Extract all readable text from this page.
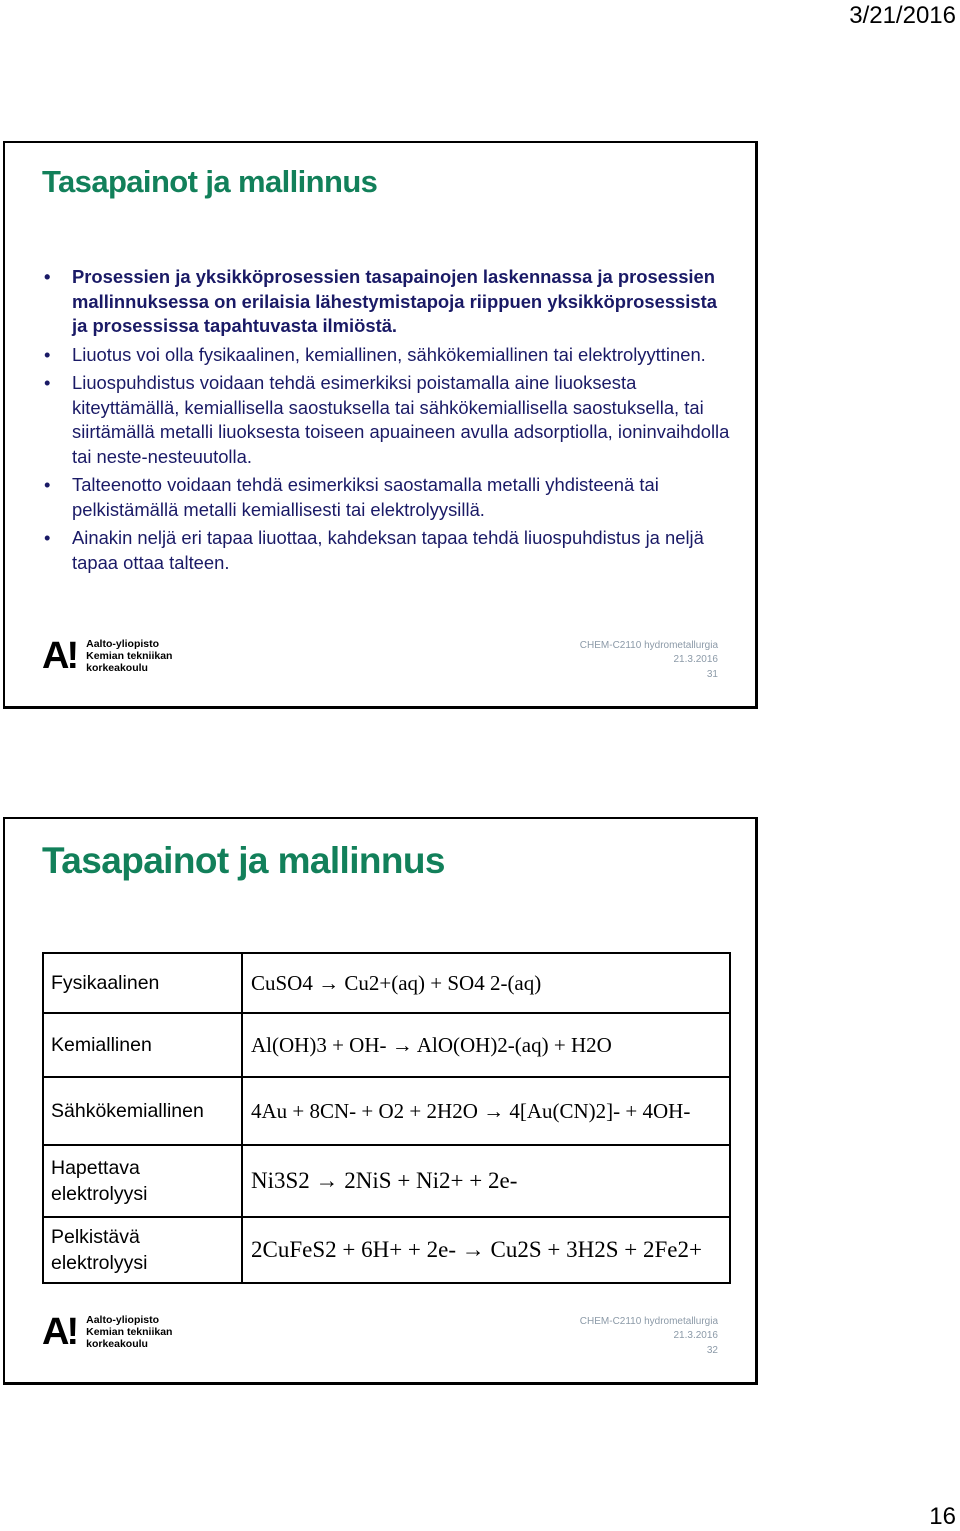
3/21/2016
Tasapainot ja mallinnus
• Prosessien ja yksikköprosessien tasapainojen laskennassa ja prosessien mallinnuksessa on erilaisia lähestymistapoja riippuen yksikköprosessista ja prosessissa tapahtuvasta ilmiöstä.
• Liuotus voi olla fysikaalinen, kemiallinen, sähkökemiallinen tai elektrolyyttinen.
• Liuospuhdistus voidaan tehdä esimerkiksi poistamalla aine liuoksesta kiteyttämällä, kemiallisella saostuksella tai sähkökemiallisella saostuksella, tai siirtämällä metalli liuoksesta toiseen apuaineen avulla adsorptiolla, ioninvaihdolla tai neste-nesteuutolla.
• Talteenotto voidaan tehdä esimerkiksi saostamalla metalli yhdisteenä tai pelkistämällä metalli kemiallisesti tai elektrolyysillä.
• Ainakin neljä eri tapaa liuottaa, kahdeksan tapaa tehdä liuospuhdistus ja neljä tapaa ottaa talteen.
A! Aalto-yliopisto
Kemian tekniikan
korkeakoulu
CHEM-C2110 hydrometallurgia
21.3.2016
31
Tasapainot ja mallinnus
Fysikaalinen	CuSO4 → Cu2+(aq) + SO4 2-(aq)
Kemiallinen	Al(OH)3 + OH- → AlO(OH)2-(aq) + H2O
Sähkökemiallinen	4Au + 8CN- + O2 + 2H2O → 4[Au(CN)2]- + 4OH-
Hapettava elektrolyysi	Ni3S2 → 2NiS + Ni2+ + 2e-
Pelkistävä elektrolyysi	2CuFeS2 + 6H+ + 2e- → Cu2S + 3H2S + 2Fe2+
A! Aalto-yliopisto
Kemian tekniikan
korkeakoulu
CHEM-C2110 hydrometallurgia
21.3.2016
32
16
